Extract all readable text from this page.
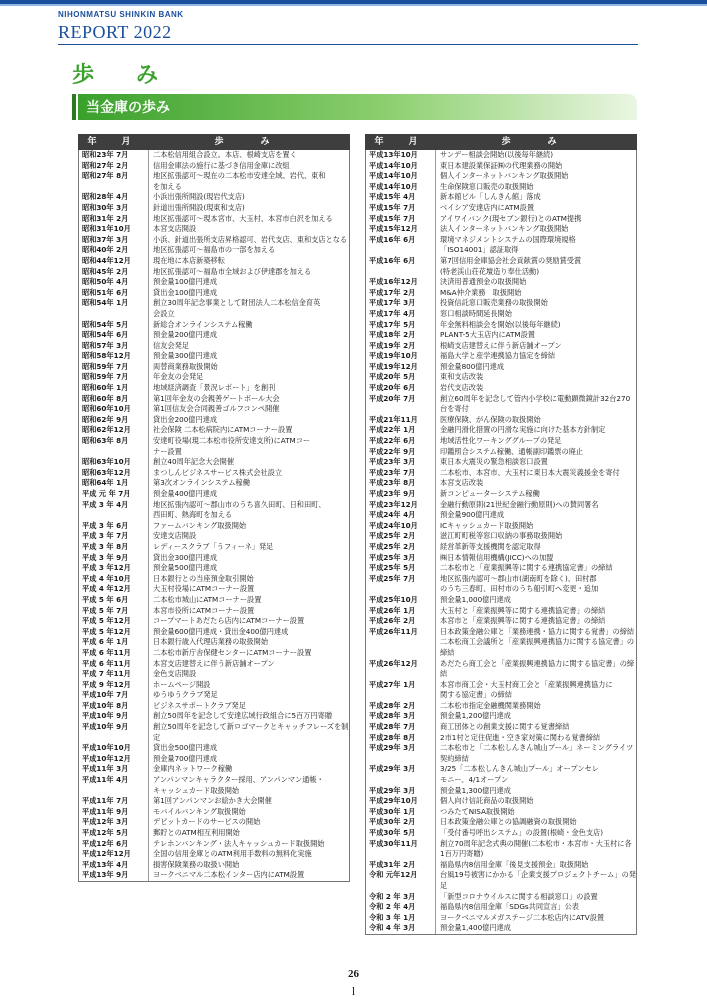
NIHONMATSU SHINKIN BANK
REPORT 2022
歩　み
当金庫の歩み
年　月	歩　み
昭和23年 7月	二本松信用組合設立。本店、根崎支店を置く
昭和27年 2月	信用金庫法の施行に基づき信用金庫に改組
昭和27年 8月	地区拡張認可～現在の二本松市安達全域、岩代、東和
を加える
昭和28年 4月	小浜出張所開設(現岩代支店)
昭和30年 3月	針道出張所開設(現東和支店)
昭和31年 2月	地区拡張認可～現本宮市、大玉村、本宮市白沢を加える
昭和31年10月	本宮支店開設
昭和37年 3月	小浜、針道出張所支店昇格認可、岩代支店、東和支店となる
昭和40年 2月	地区拡張認可～福島市の一部を加える
昭和44年12月	現在地に本店新築移転
昭和45年 2月	地区拡張認可～福島市全域および伊達郡を加える
昭和50年 4月	預金量100億円達成
昭和51年 6月	貸出金100億円達成
昭和54年 1月	創立30周年記念事業として財団法人二本松信金育英
会設立
昭和54年 5月	新総合オンラインシステム稼働
昭和54年 6月	預金量200億円達成
昭和57年 3月	信友会発足
昭和58年12月	預金量300億円達成
昭和59年 7月	両替商業務取扱開始
昭和59年 7月	年金友の会発足
昭和60年 1月	地域経済調査「景況レポート」を創刊
昭和60年 8月	第1回年金友の会親善ゲートボール大会
昭和60年10月	第1回信友会合同親善ゴルフコンペ開催
昭和62年 9月	貸出金200億円達成
昭和62年12月	社会保険 二本松病院内にATMコーナー設置
昭和63年 8月	安達町役場(現二本松市役所安達支所)にATMコー
ナー設置
昭和63年10月	創立40周年記念大会開催
昭和63年12月	まつしんビジネスサービス株式会社設立
昭和64年 1月	第3次オンラインシステム稼働
平成 元 年 7月	預金量400億円達成
平成 3 年 4月	地区拡張内認可～郡山市のうち喜久田町、日和田町、
西田町、熱海町を加える
平成 3 年 6月	ファームバンキング取扱開始
平成 3 年 7月	安達支店開設
平成 3 年 8月	レディースクラブ「うフィーネ」発足
平成 3 年 9月	貸出金300億円達成
平成 3 年12月	預金量500億円達成
平成 4 年10月	日本銀行との当座預金取引開始
平成 4 年12月	大玉村役場にATMコーナー設置
平成 5 年 6月	二本松市城山にATMコーナー設置
平成 5 年 7月	本宮市役所にATMコーナー設置
平成 5 年12月	コープマートあだたら店内にATMコーナー設置
平成 5 年12月	預金量600億円達成・貸出金400億円達成
平成 6 年 1月	日本銀行歳入代理店業務の取扱開始
平成 6 年11月	二本松市新庁舎保健センターにATMコーナー設置
平成 6 年11月	本宮支店建替えに伴う新店舗オープン
平成 7 年11月	金色支店開設
平成 9 年12月	ホームページ開設
平成10年 7月	ゆうゆうクラブ発足
平成10年 8月	ビジネスサポートクラブ発足
平成10年 9月	創立50周年を記念して安達広域行政組合に5百万円寄贈
平成10年 9月	創立50周年を記念して新ロゴマークとキャッチフレーズを制定
平成10年10月	貸出金500億円達成
平成10年12月	預金量700億円達成
平成11年 3月	金庫内ネットワーク稼働
平成11年 4月	アンパンマンキャラクター採用、アンパンマン通帳・
キャッシュカード取扱開始
平成11年 7月	第1回アンパンマンお絵かき大会開催
平成11年 9月	モバイルバンキング取扱開始
平成12年 3月	デビットカードのサービスの開始
平成12年 5月	郵貯とのATM相互利用開始
平成12年 6月	テレホンバンキング・法人キャッシュカード取扱開始
平成12年12月	全国の信用金庫とのATM利用手数料の無料化実施
平成13年 4月	損害保険業務の取扱い開始
平成13年 9月	ヨークベニマル二本松インター店内にATM設置
年　月	歩　み
平成13年10月	サンデー相談会開始(以後毎年継続)
平成14年10月	東日本建設業保証㈱の代理業務の開始
平成14年10月	個人インターネットバンキング取扱開始
平成14年10月	生命保険窓口販売の取扱開始
平成15年 4月	新本館ビル「しんきん館」落成
平成15年 7月	ベイシア安達店内にATM設置
平成15年 7月	アイワイバンク(現セブン銀行)とのATM提携
平成15年12月	法人インターネットバンキング取扱開始
平成16年 6月	環境マネジメントシステムの国際環境規格
「ISO14001」認証取得
平成16年 6月	第7回信用金庫協会社会貢献賞の奨励賞受賞
(特老渓山荘花壇造り奉仕活動)
平成16年12月	決済用普通預金の取扱開始
平成17年 2月	M&A仲介業務　取扱開始
平成17年 3月	投資信託窓口販売業務の取扱開始
平成17年 4月	窓口相談時間延長開始
平成17年 5月	年金無料相談会を開始(以後毎年継続)
平成18年 2月	PLANT-5大玉店内にATM設置
平成19年 2月	根崎支店建替えに伴う新店舗オープン
平成19年10月	福島大学と産学連携協力協定を締結
平成19年12月	預金量800億円達成
平成20年 5月	東和支店改装
平成20年 6月	岩代支店改装
平成20年 7月	創立60周年を記念して管内小学校に電動顕微鏡計32台270台を寄付
平成21年11月	医療保険、がん保険の取扱開始
平成22年 1月	金融円滑化措置の円滑な実施に向けた基本方針制定
平成22年 6月	地域活性化ワーキンググループの発足
平成22年 9月	印鑑照合システム稼働、通帳副印鑑票の廃止
平成23年 3月	東日本大震災の緊急相談窓口設置
平成23年 7月	二本松市、本宮市、大玉村に東日本大震災義援金を寄付
平成23年 8月	本宮支店改装
平成23年 9月	新コンピューターシステム稼働
平成23年12月	金融行動原則(21世紀金融行動原則)への賛同署名
平成24年 4月	預金量900億円達成
平成24年10月	ICキャッシュカード取扱開始
平成25年 2月	滋江町町税等窓口収納の事務取扱開始
平成25年 2月	経営革新等支援機関を認定取得
平成25年 3月	㈱日本情報信用機構(JICC)への加盟
平成25年 5月	二本松市と「産業振興等に関する連携協定書」の締結
平成25年 7月	地区拡張内認可～郡山市(湖南町を除く)、田村郡
のうち三春町、田村市のうち船引町へ変更・追加
平成25年10月	預金量1,000億円達成
平成26年 1月	大玉村と「産業振興等に関する連携協定書」の締結
平成26年 2月	本宮市と「産業振興等に関する連携協定書」の締結
平成26年11月	日本政策金融公庫と「業務連携・協力に関する覚書」の締結
二本松商工会議所と「産業振興連携協力に関する協定書」の締結
平成26年12月	あだたら商工会と「産業振興連携協力に関する協定書」の締結
平成27年 1月	本宮市商工会・大玉村商工会と「産業振興連携協力に
関する協定書」の締結
平成28年 2月	二本松市指定金融機関業務開始
平成28年 3月	預金量1,200億円達成
平成28年 7月	商工団体との創業支援に関する覚書締結
平成28年 8月	2市1村と定住促進・空き家対策に関わる覚書締結
平成29年 3月	二本松市と「二本松しんきん城山プール」ネーミングライツ契約締結
平成29年 3月	3/25「二本松しんきん城山プール」オープンセレ
モニー、4/1オープン
平成29年 3月	預金量1,300億円達成
平成29年10月	個人向け信託商品の取扱開始
平成30年 1月	つみたてNISA取扱開始
平成30年 2月	日本政策金融公庫との協調融資の取扱開始
平成30年 5月	「受付番号呼出システム」の設置(根崎・金色支店)
平成30年11月	創立70周年記念式典の開催(二本松市・本宮市・大玉村に各1百万円寄贈)
平成31年 2月	福島県内8信用金庫「後見支援預金」取扱開始
令和 元年12月	台風19号被害にかかる「企業支援プロジェクトチーム」の発足
令和 2 年 3月	「新型コロナウイルスに関する相談窓口」の設置
令和 2 年 4月	福島県内8信用金庫「SDGs共同宣言」公表
令和 3 年 1月	ヨークベニマルメガステージ二本松店内にATV設置
令和 4 年 3月	預金量1,400億円達成
26
l
